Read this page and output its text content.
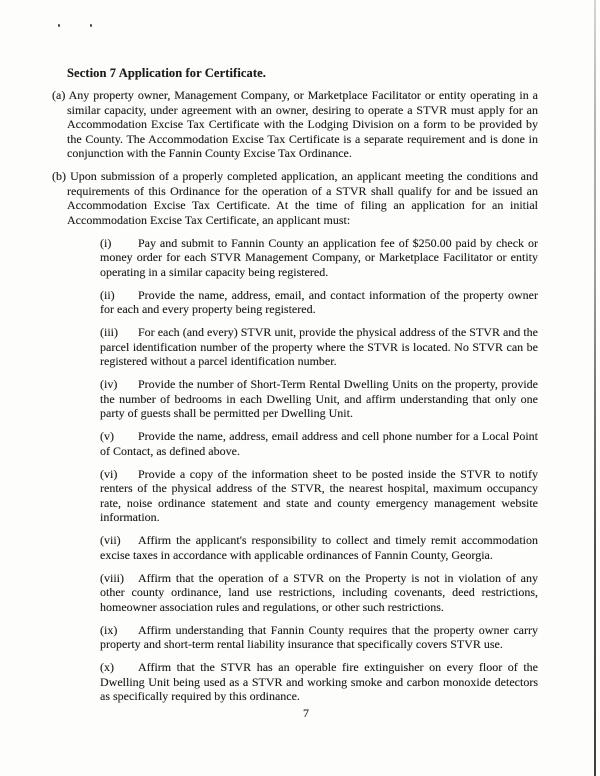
Section 7 Application for Certificate.

(a) Any property owner, Management Company, or Marketplace Facilitator or entity operating in a similar capacity, under agreement with an owner, desiring to operate a STVR must apply for an Accommodation Excise Tax Certificate with the Lodging Division on a form to be provided by the County. The Accommodation Excise Tax Certificate is a separate requirement and is done in conjunction with the Fannin County Excise Tax Ordinance.

(b) Upon submission of a properly completed application, an applicant meeting the conditions and requirements of this Ordinance for the operation of a STVR shall qualify for and be issued an Accommodation Excise Tax Certificate. At the time of filing an application for an initial Accommodation Excise Tax Certificate, an applicant must:

(i) Pay and submit to Fannin County an application fee of $250.00 paid by check or money order for each STVR Management Company, or Marketplace Facilitator or entity operating in a similar capacity being registered.

(ii) Provide the name, address, email, and contact information of the property owner for each and every property being registered.

(iii) For each (and every) STVR unit, provide the physical address of the STVR and the parcel identification number of the property where the STVR is located. No STVR can be registered without a parcel identification number.

(iv) Provide the number of Short-Term Rental Dwelling Units on the property, provide the number of bedrooms in each Dwelling Unit, and affirm understanding that only one party of guests shall be permitted per Dwelling Unit.

(v) Provide the name, address, email address and cell phone number for a Local Point of Contact, as defined above.

(vi) Provide a copy of the information sheet to be posted inside the STVR to notify renters of the physical address of the STVR, the nearest hospital, maximum occupancy rate, noise ordinance statement and state and county emergency management website information.

(vii) Affirm the applicant's responsibility to collect and timely remit accommodation excise taxes in accordance with applicable ordinances of Fannin County, Georgia.

(viii) Affirm that the operation of a STVR on the Property is not in violation of any other county ordinance, land use restrictions, including covenants, deed restrictions, homeowner association rules and regulations, or other such restrictions.

(ix) Affirm understanding that Fannin County requires that the property owner carry property and short-term rental liability insurance that specifically covers STVR use.

(x) Affirm that the STVR has an operable fire extinguisher on every floor of the Dwelling Unit being used as a STVR and working smoke and carbon monoxide detectors as specifically required by this ordinance.

7
